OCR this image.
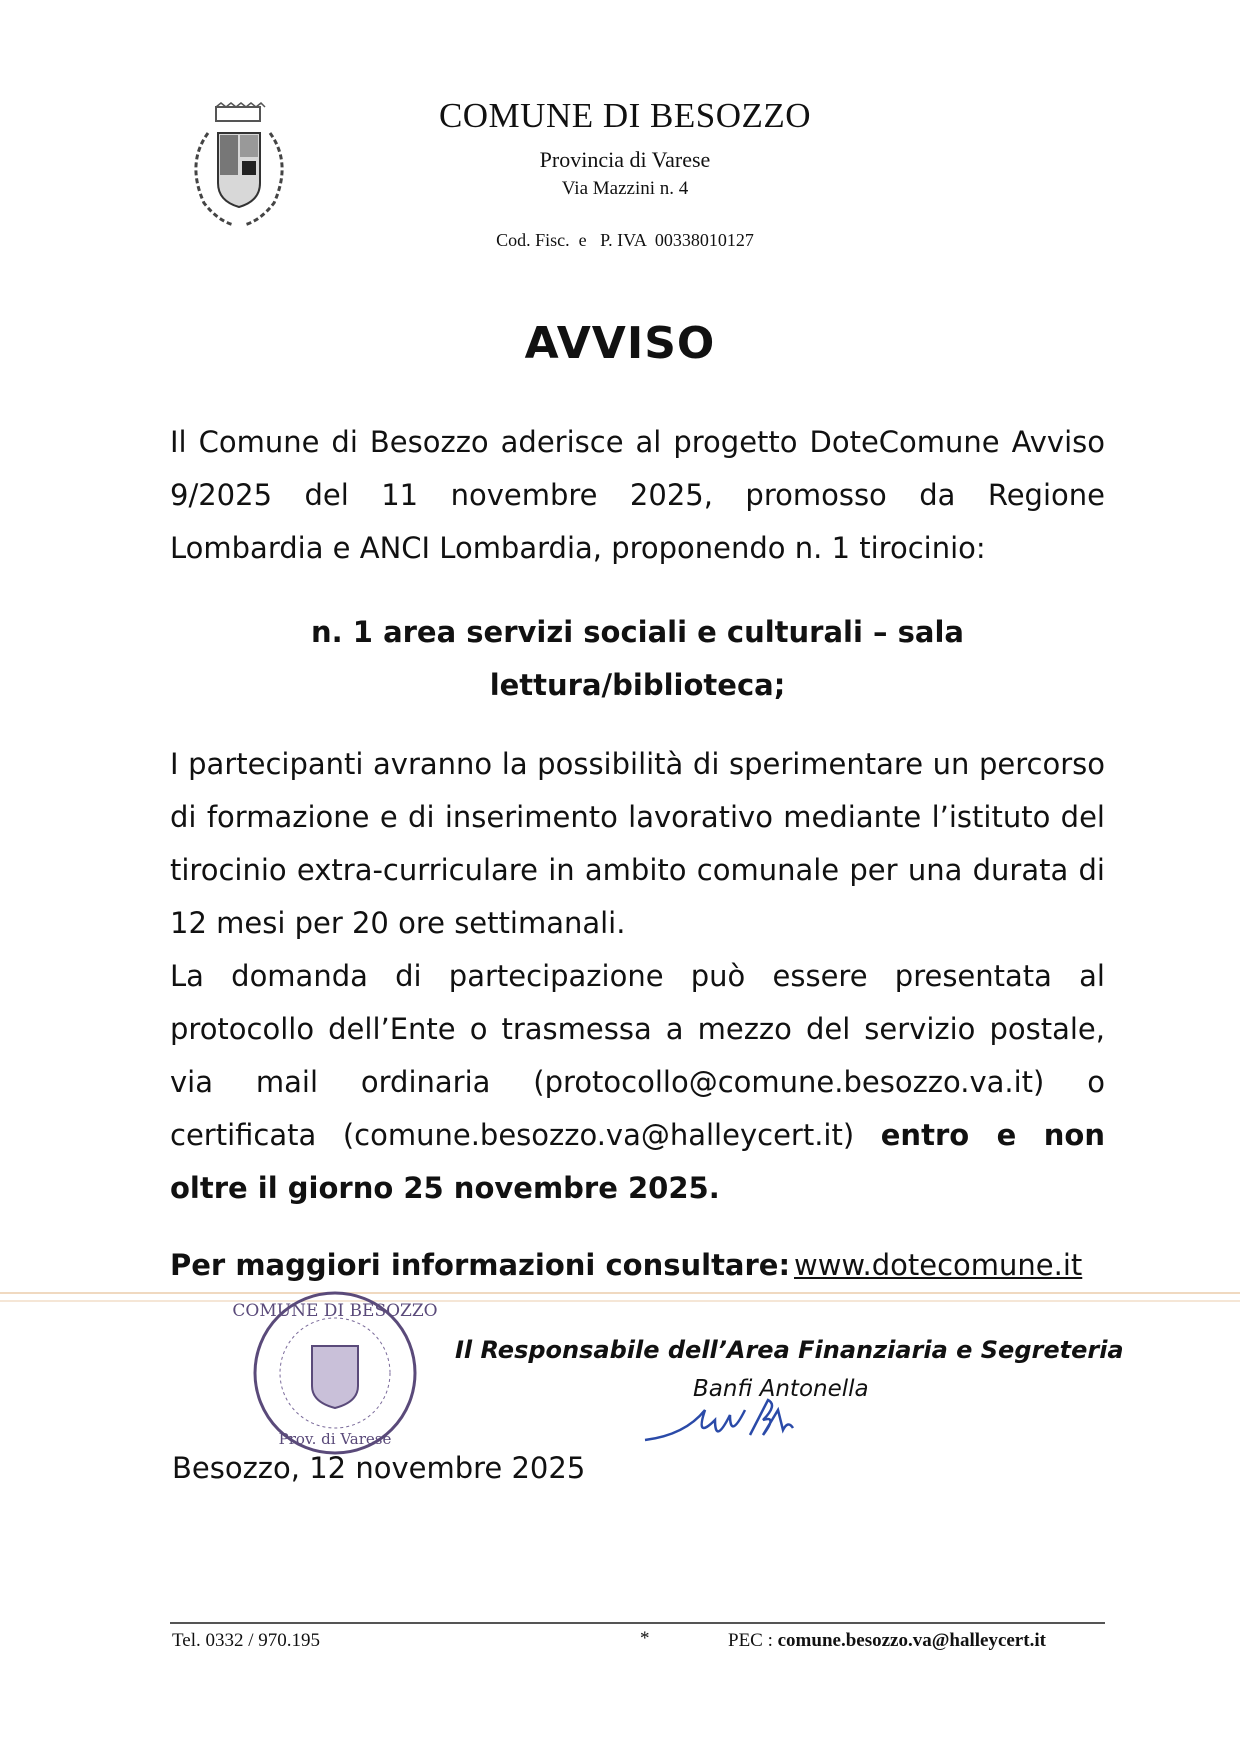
COMUNE DI BESOZZO
Provincia di Varese
Via Mazzini n. 4
Cod. Fisc.  e   P. IVA  00338010127
AVVISO
Il Comune di Besozzo aderisce al progetto DoteComune Avviso 9/2025 del 11 novembre 2025, promosso da Regione Lombardia e ANCI Lombardia, proponendo n. 1 tirocinio:
n. 1 area servizi sociali e culturali – sala lettura/biblioteca;
I partecipanti avranno la possibilità di sperimentare un percorso di formazione e di inserimento lavorativo mediante l’istituto del tirocinio extra-curriculare in ambito comunale per una durata di 12 mesi per 20 ore settimanali.
La domanda di partecipazione può essere presentata al protocollo dell’Ente o trasmessa a mezzo del servizio postale, via mail ordinaria (protocollo@comune.besozzo.va.it) o certificata (comune.besozzo.va@halleycert.it) entro e non oltre il giorno 25 novembre 2025.
Per maggiori informazioni consultare: www.dotecomune.it
COMUNE DI BESOZZO
Prov. di Varese
Il Responsabile dell’Area Finanziaria e Segreteria
Banfi Antonella
Besozzo, 12 novembre 2025
Tel. 0332 / 970.195	*	PEC : comune.besozzo.va@halleycert.it
